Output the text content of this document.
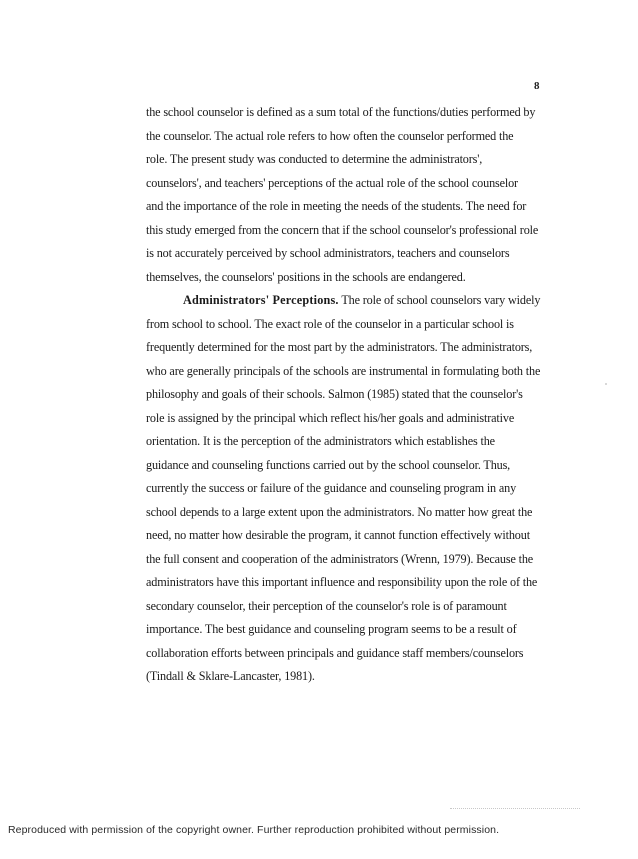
8

the school counselor is defined as a sum total of the functions/duties performed by
the counselor. The actual role refers to how often the counselor performed the
role. The present study was conducted to determine the administrators',
counselors', and teachers' perceptions of the actual role of the school counselor
and the importance of the role in meeting the needs of the students. The need for
this study emerged from the concern that if the school counselor's professional role
is not accurately perceived by school administrators, teachers and counselors
themselves, the counselors' positions in the schools are endangered.

Administrators' Perceptions. The role of school counselors vary widely
from school to school. The exact role of the counselor in a particular school is
frequently determined for the most part by the administrators. The administrators,
who are generally principals of the schools are instrumental in formulating both the
philosophy and goals of their schools. Salmon (1985) stated that the counselor's
role is assigned by the principal which reflect his/her goals and administrative
orientation. It is the perception of the administrators which establishes the
guidance and counseling functions carried out by the school counselor. Thus,
currently the success or failure of the guidance and counseling program in any
school depends to a large extent upon the administrators. No matter how great the
need, no matter how desirable the program, it cannot function effectively without
the full consent and cooperation of the administrators (Wrenn, 1979). Because the
administrators have this important influence and responsibility upon the role of the
secondary counselor, their perception of the counselor's role is of paramount
importance. The best guidance and counseling program seems to be a result of
collaboration efforts between principals and guidance staff members/counselors
(Tindall & Sklare-Lancaster, 1981).

Reproduced with permission of the copyright owner. Further reproduction prohibited without permission.
